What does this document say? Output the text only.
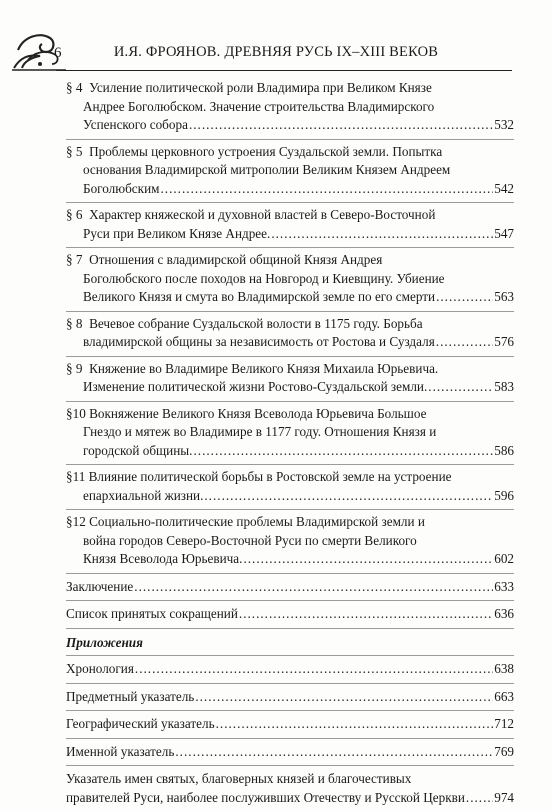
6	И.Я. ФРОЯНОВ. ДРЕВНЯЯ РУСЬ IX–XIII ВЕКОВ
§ 4
Усиление политической роли Владимира при Великом Князе
Андрее Боголюбском. Значение строительства Владимирского
Успенского собора .....	532
§ 5
Проблемы церковного устроения Суздальской земли. Попытка
основания Владимирской митрополии Великим Князем Андреем
Боголюбским .....	542
§ 6
Характер княжеской и духовной властей в Северо-Восточной
Руси при Великом Князе Андрее. .....	547
§ 7
Отношения с владимирской общиной Князя Андрея
Боголюбского после походов на Новгород и Киевщину. Убиение
Великого Князя и смута во Владимирской земле по его смерти .....	563
§ 8
Вечевое собрание Суздальской волости в 1175 году. Борьба
владимирской общины за независимость от Ростова и Суздаля .....	576
§ 9
Княжение во Владимире Великого Князя Михаила Юрьевича.
Изменение политической жизни Ростово-Суздальской земли. .....	583
§10
Вокняжение Великого Князя Всеволода Юрьевича Большое
Гнездо и мятеж во Владимире в 1177 году. Отношения Князя и
городской общины. .....	586
§11
Влияние политической борьбы в Ростовской земле на устроение
епархиальной жизни. .....	596
§12
Социально-политические проблемы Владимирской земли и
война городов Северо-Восточной Руси по смерти Великого
Князя Всеволода Юрьевича. .....	602
Заключение .....	633
Список принятых сокращений .....	636
Приложения
Хронология .....	638
Предметный указатель .....	663
Географический указатель .....	712
Именной указатель .....	769
Указатель имен святых, благоверных князей и благочестивых
правителей Руси, наиболее послуживших Отечеству и Русской Церкви ..... 974
